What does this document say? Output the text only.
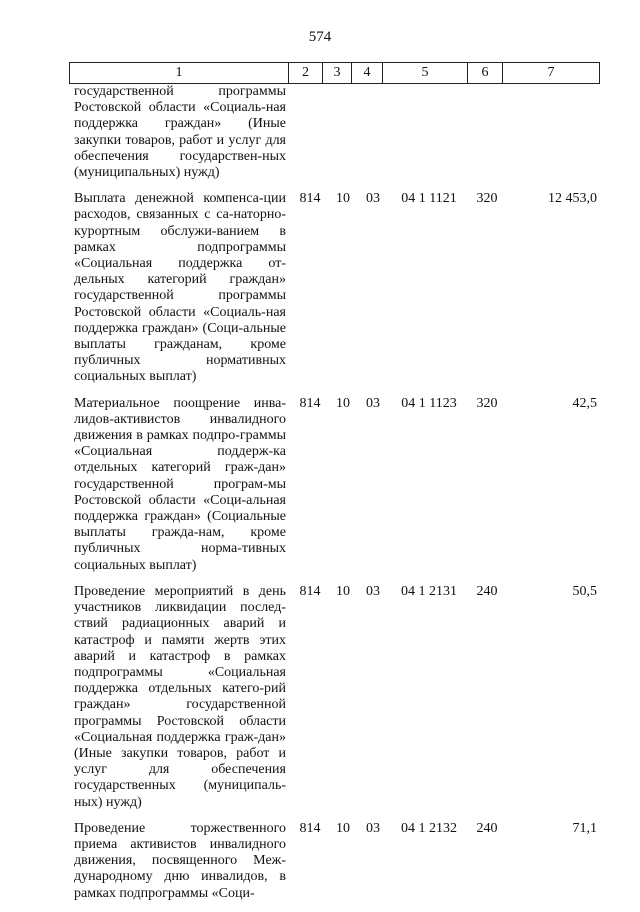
574
1	2	3	4	5	6	7
государственной программы Ростовской области «Социаль-ная поддержка граждан» (Иные закупки товаров, работ и услуг для обеспечения государствен-ных (муниципальных) нужд)
Выплата денежной компенса-ции расходов, связанных с са-наторно-курортным обслужи-ванием в рамках подпрограммы «Социальная поддержка от-дельных категорий граждан» государственной программы Ростовской области «Социаль-ная поддержка граждан» (Соци-альные выплаты гражданам, кроме публичных нормативных социальных выплат)
814 10 03	04 1 1121	320	12 453,0
Материальное поощрение инва-лидов-активистов инвалидного движения в рамках подпро-граммы «Социальная поддерж-ка отдельных категорий граж-дан» государственной програм-мы Ростовской области «Соци-альная поддержка граждан» (Социальные выплаты гражда-нам, кроме публичных норма-тивных социальных выплат)
814 10 03	04 1 1123	320	42,5
Проведение мероприятий в день участников ликвидации послед-ствий радиационных аварий и катастроф и памяти жертв этих аварий и катастроф в рамках подпрограммы «Социальная поддержка отдельных катего-рий граждан» государственной программы Ростовской области «Социальная поддержка граж-дан» (Иные закупки товаров, работ и услуг для обеспечения государственных (муниципаль-ных) нужд)
814 10 03	04 1 2131	240	50,5
Проведение торжественного приема активистов инвалидного движения, посвященного Меж-дународному дню инвалидов, в рамках подпрограммы «Соци-
814 10 03	04 1 2132	240	71,1
